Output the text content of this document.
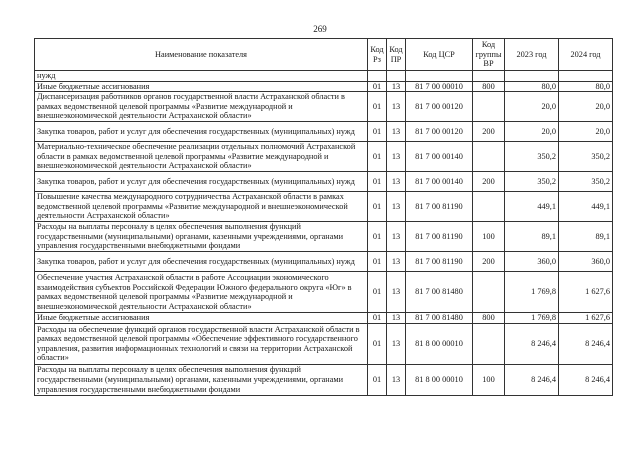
269
Наименование показателя	Код Рз	Код ПР	Код ЦСР	Код группы ВР	2023 год	2024 год
нужд						
Иные бюджетные ассигнования	01	13	81 7 00 00010	800	80,0	80,0
Диспансеризация работников органов государственной власти Астраханской области в рамках ведомственной целевой программы «Развитие международной и внешнеэкономической деятельности Астраханской области»	01	13	81 7 00 00120		20,0	20,0
Закупка товаров, работ и услуг для обеспечения государственных (муниципальных) нужд	01	13	81 7 00 00120	200	20,0	20,0
Материально-техническое обеспечение реализации отдельных полномочий Астраханской области в рамках ведомственной целевой программы «Развитие международной и внешнеэкономической деятельности Астраханской области»	01	13	81 7 00 00140		350,2	350,2
Закупка товаров, работ и услуг для обеспечения государственных (муниципальных) нужд	01	13	81 7 00 00140	200	350,2	350,2
Повышение качества международного сотрудничества Астраханской области в рамках ведомственной целевой программы «Развитие международной и внешнеэкономической деятельности Астраханской области»	01	13	81 7 00 81190		449,1	449,1
Расходы на выплаты персоналу в целях обеспечения выполнения функций государственными (муниципальными) органами, казенными учреждениями, органами управления государственными внебюджетными фондами	01	13	81 7 00 81190	100	89,1	89,1
Закупка товаров, работ и услуг для обеспечения государственных (муниципальных) нужд	01	13	81 7 00 81190	200	360,0	360,0
Обеспечение участия Астраханской области в работе Ассоциации экономического взаимодействия субъектов Российской Федерации Южного федерального округа «Юг» в рамках ведомственной целевой программы «Развитие международной и внешнеэкономической деятельности Астраханской области»	01	13	81 7 00 81480		1 769,8	1 627,6
Иные бюджетные ассигнования	01	13	81 7 00 81480	800	1 769,8	1 627,6
Расходы на обеспечение функций органов государственной власти Астраханской области в рамках ведомственной целевой программы «Обеспечение эффективного государственного управления, развития информационных технологий и связи на территории Астраханской области»	01	13	81 8 00 00010		8 246,4	8 246,4
Расходы на выплаты персоналу в целях обеспечения выполнения функций государственными (муниципальными) органами, казенными учреждениями, органами управления государственными внебюджетными фондами	01	13	81 8 00 00010	100	8 246,4	8 246,4
